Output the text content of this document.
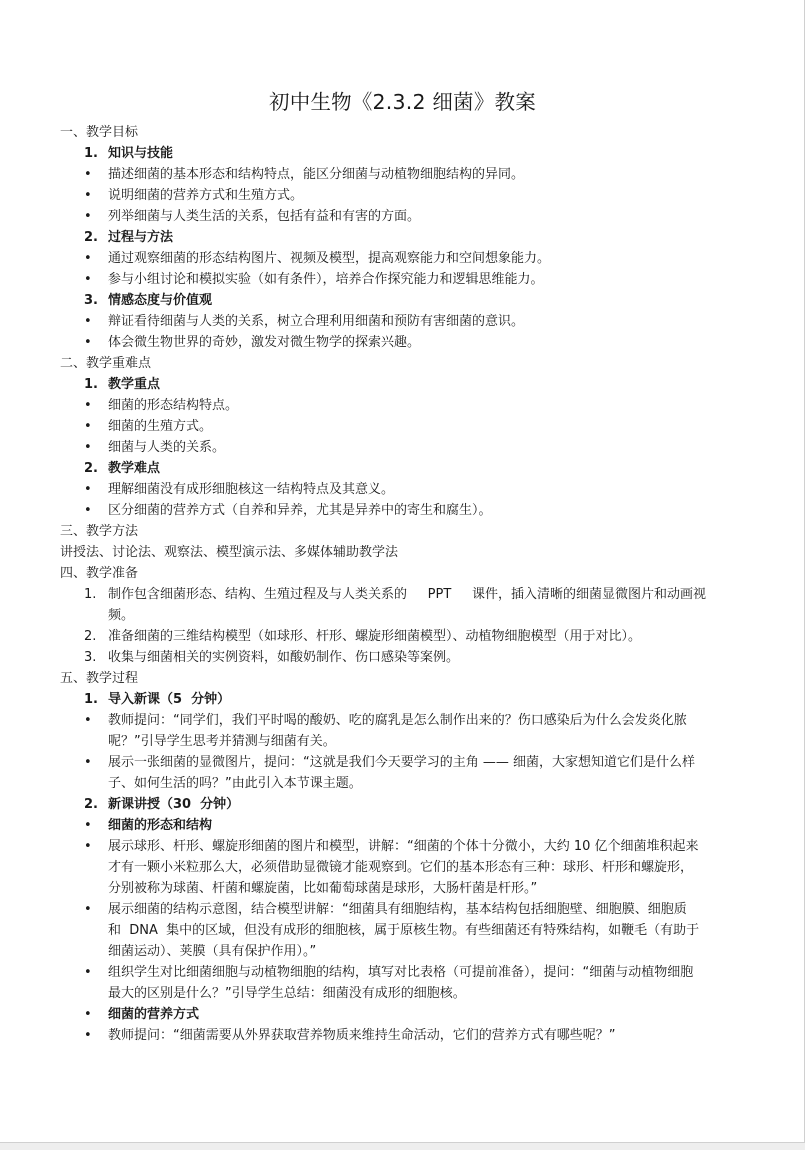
初中生物《2.3.2 细菌》教案
一、教学目标
1. 知识与技能
• 描述细菌的基本形态和结构特点，能区分细菌与动植物细胞结构的异同。
• 说明细菌的营养方式和生殖方式。
• 列举细菌与人类生活的关系，包括有益和有害的方面。
2. 过程与方法
• 通过观察细菌的形态结构图片、视频及模型，提高观察能力和空间想象能力。
• 参与小组讨论和模拟实验（如有条件），培养合作探究能力和逻辑思维能力。
3. 情感态度与价值观
• 辩证看待细菌与人类的关系，树立合理利用细菌和预防有害细菌的意识。
• 体会微生物世界的奇妙，激发对微生物学的探索兴趣。
二、教学重难点
1. 教学重点
• 细菌的形态结构特点。
• 细菌的生殖方式。
• 细菌与人类的关系。
2. 教学难点
• 理解细菌没有成形细胞核这一结构特点及其意义。
• 区分细菌的营养方式（自养和异养，尤其是异养中的寄生和腐生）。
三、教学方法
讲授法、讨论法、观察法、模型演示法、多媒体辅助教学法
四、教学准备
1. 制作包含细菌形态、结构、生殖过程及与人类关系的     PPT     课件，插入清晰的细菌显微图片和动画视
频。
2. 准备细菌的三维结构模型（如球形、杆形、螺旋形细菌模型）、动植物细胞模型（用于对比）。
3. 收集与细菌相关的实例资料，如酸奶制作、伤口感染等案例。
五、教学过程
1. 导入新课（5  分钟）
• 教师提问：“同学们，我们平时喝的酸奶、吃的腐乳是怎么制作出来的？伤口感染后为什么会发炎化脓
呢？”引导学生思考并猜测与细菌有关。
• 展示一张细菌的显微图片，提问：“这就是我们今天要学习的主角 —— 细菌，大家想知道它们是什么样
子、如何生活的吗？”由此引入本节课主题。
2. 新课讲授（30  分钟）
• 细菌的形态和结构
• 展示球形、杆形、螺旋形细菌的图片和模型，讲解：“细菌的个体十分微小，大约 10 亿个细菌堆积起来
才有一颗小米粒那么大，必须借助显微镜才能观察到。它们的基本形态有三种：球形、杆形和螺旋形，
分别被称为球菌、杆菌和螺旋菌，比如葡萄球菌是球形，大肠杆菌是杆形。”
• 展示细菌的结构示意图，结合模型讲解：“细菌具有细胞结构，基本结构包括细胞壁、细胞膜、细胞质
和  DNA  集中的区域，但没有成形的细胞核，属于原核生物。有些细菌还有特殊结构，如鞭毛（有助于
细菌运动）、荚膜（具有保护作用）。”
• 组织学生对比细菌细胞与动植物细胞的结构，填写对比表格（可提前准备），提问：“细菌与动植物细胞
最大的区别是什么？”引导学生总结：细菌没有成形的细胞核。
• 细菌的营养方式
• 教师提问：“细菌需要从外界获取营养物质来维持生命活动，它们的营养方式有哪些呢？”
